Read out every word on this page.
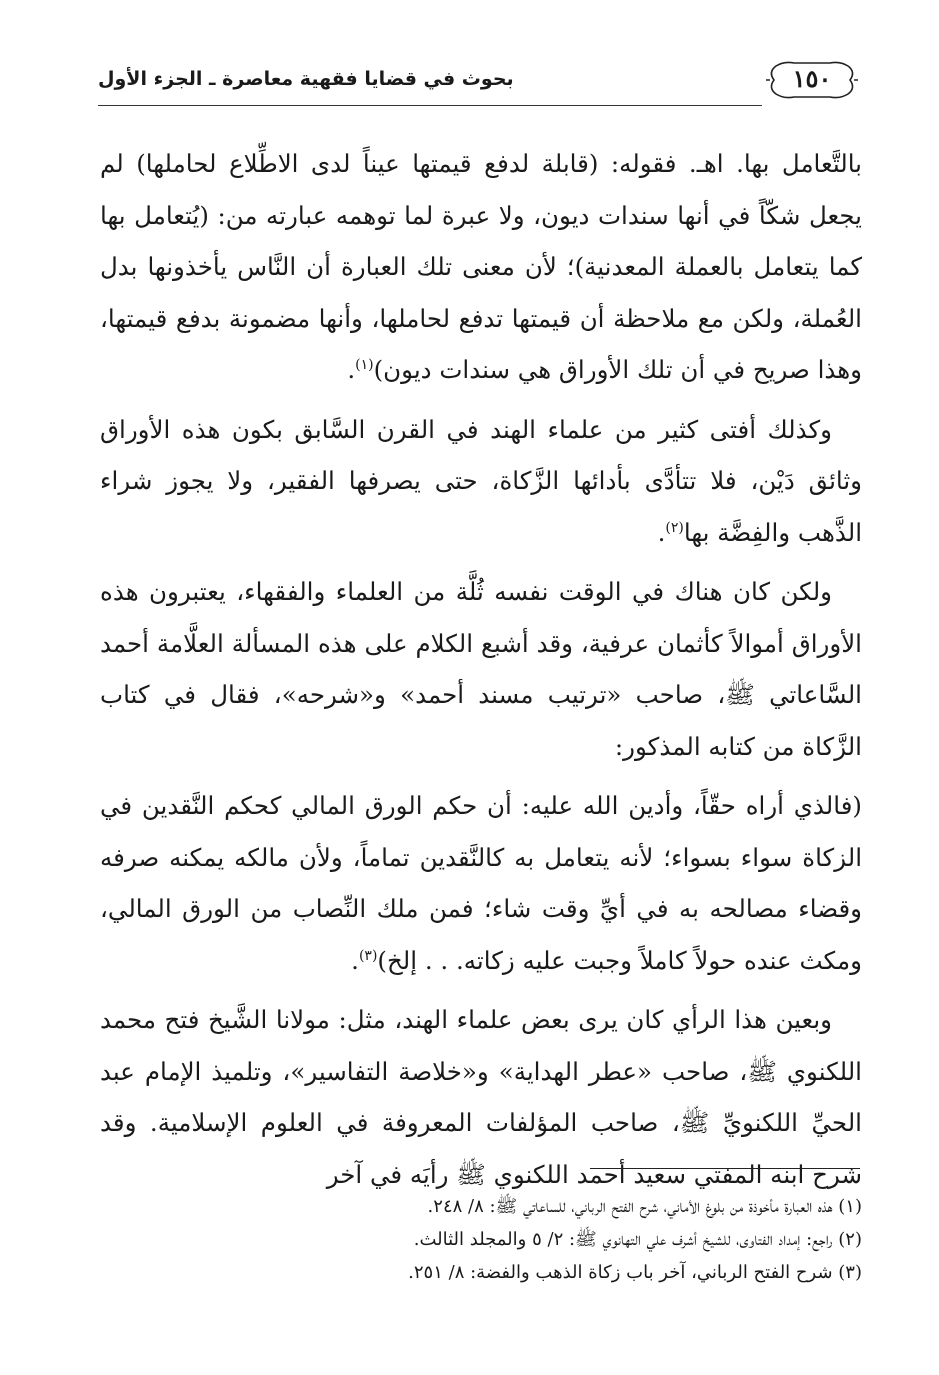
١٥٠
بحوث في قضايا فقهية معاصرة ـ الجزء الأول

بالتَّعامل بها. اهـ. فقوله: (قابلة لدفع قيمتها عيناً لدى الاطِّلاع لحاملها) لم يجعل شكّاً في أنها سندات ديون، ولا عبرة لما توهمه عبارته من: (يُتعامل بها كما يتعامل بالعملة المعدنية)؛ لأن معنى تلك العبارة أن النَّاس يأخذونها بدل العُملة، ولكن مع ملاحظة أن قيمتها تدفع لحاملها، وأنها مضمونة بدفع قيمتها، وهذا صريح في أن تلك الأوراق هي سندات ديون)$^{(١)}$.

وكذلك أفتى كثير من علماء الهند في القرن السَّابق بكون هذه الأوراق وثائق دَيْن، فلا تتأدَّى بأدائها الزَّكاة، حتى يصرفها الفقير، ولا يجوز شراء الذَّهب والفِضَّة بها$^{(٢)}$.

ولكن كان هناك في الوقت نفسه ثُلَّة من العلماء والفقهاء، يعتبرون هذه الأوراق أموالاً كأثمان عرفية، وقد أشبع الكلام على هذه المسألة العلَّامة أحمد السَّاعاتي ﷺ، صاحب «ترتيب مسند أحمد» و«شرحه»، فقال في كتاب الزَّكاة من كتابه المذكور:

(فالذي أراه حقّاً، وأدين الله عليه: أن حكم الورق المالي كحكم النَّقدين في الزكاة سواء بسواء؛ لأنه يتعامل به كالنَّقدين تماماً، ولأن مالكه يمكنه صرفه وقضاء مصالحه به في أيِّ وقت شاء؛ فمن ملك النِّصاب من الورق المالي، ومكث عنده حولاً كاملاً وجبت عليه زكاته. . . إلخ)$^{(٣)}$.

وبعين هذا الرأي كان يرى بعض علماء الهند، مثل: مولانا الشَّيخ فتح محمد اللكنوي ﷺ، صاحب «عطر الهداية» و«خلاصة التفاسير»، وتلميذ الإمام عبد الحيِّ اللكنويِّ ﷺ، صاحب المؤلفات المعروفة في العلوم الإسلامية. وقد شرح ابنه المفتي سعيد أحمد اللكنوي ﷺ رأيَه في آخر

(١) هذه العبارة مأخوذة من بلوغ الأماني، شرح الفتح الرباني، للساعاتي ﷺ: ٨/ ٢٤٨.

(٢) راجع: إمداد الفتاوى، للشيخ أشرف علي التهانوي ﷺ: ٢/ ٥ والمجلد الثالث.

(٣) شرح الفتح الرباني، آخر باب زكاة الذهب والفضة: ٨/ ٢٥١.
